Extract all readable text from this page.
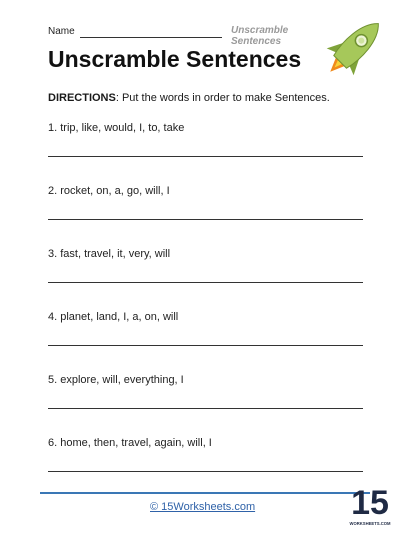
Name	Unscramble Sentences
Unscramble Sentences
DIRECTIONS: Put the words in order to make Sentences.
1. trip, like, would, I, to, take
2. rocket, on, a, go, will, I
3. fast, travel, it, very, will
4. planet, land, I, a, on, will
5. explore, will, everything, I
6. home, then, travel, again, will, I
© 15Worksheets.com	15
WORKSHEETS.COM
